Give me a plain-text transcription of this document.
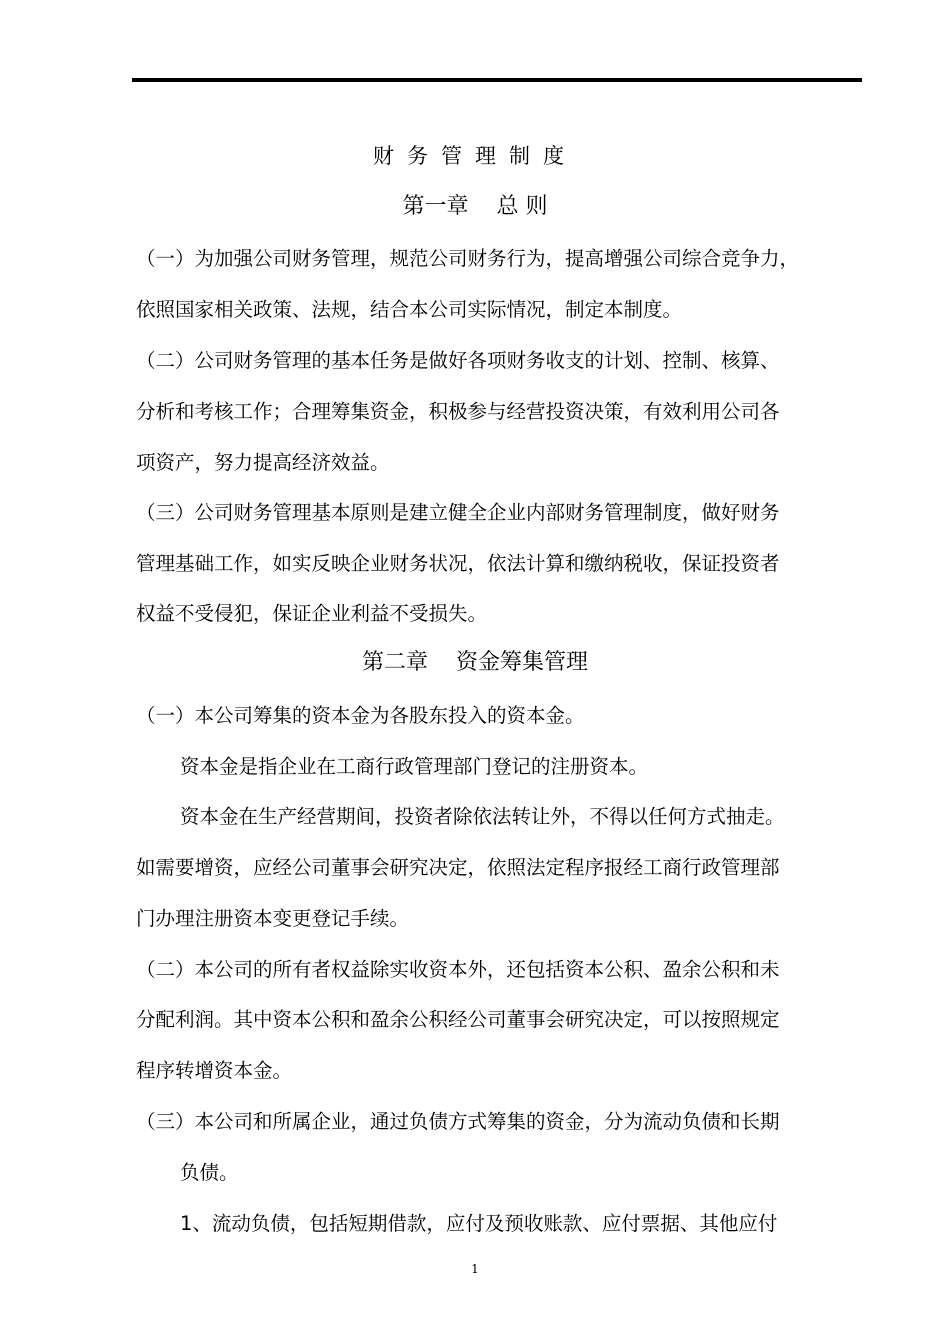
财务管理制度
第一章    总 则
（一）为加强公司财务管理，规范公司财务行为，提高增强公司综合竞争力，
依照国家相关政策、法规，结合本公司实际情况，制定本制度。
（二）公司财务管理的基本任务是做好各项财务收支的计划、控制、核算、
分析和考核工作；合理筹集资金，积极参与经营投资决策，有效利用公司各
项资产，努力提高经济效益。
（三）公司财务管理基本原则是建立健全企业内部财务管理制度，做好财务
管理基础工作，如实反映企业财务状况，依法计算和缴纳税收，保证投资者
权益不受侵犯，保证企业利益不受损失。
第二章    资金筹集管理
（一）本公司筹集的资本金为各股东投入的资本金。
资本金是指企业在工商行政管理部门登记的注册资本。
资本金在生产经营期间，投资者除依法转让外，不得以任何方式抽走。
如需要增资，应经公司董事会研究决定，依照法定程序报经工商行政管理部
门办理注册资本变更登记手续。
（二）本公司的所有者权益除实收资本外，还包括资本公积、盈余公积和未
分配利润。其中资本公积和盈余公积经公司董事会研究决定，可以按照规定
程序转增资本金。
（三）本公司和所属企业，通过负债方式筹集的资金，分为流动负债和长期
负债。
1、流动负债，包括短期借款，应付及预收账款、应付票据、其他应付
1
